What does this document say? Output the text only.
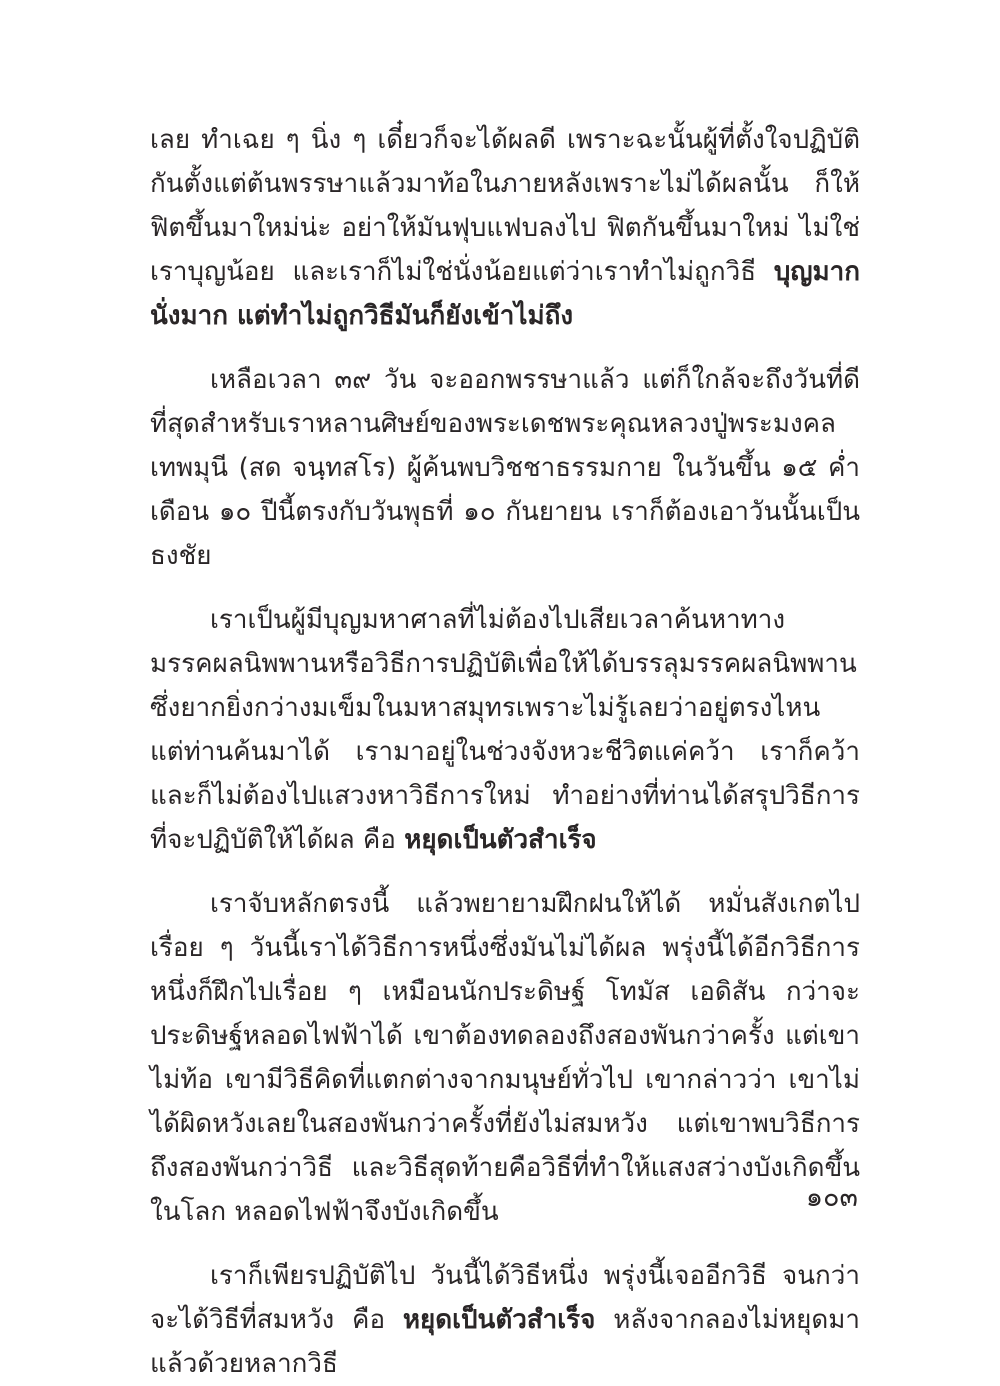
เลย ทำเฉย ๆ นิ่ง ๆ เดี๋ยวก็จะได้ผลดี เพราะฉะนั้นผู้ที่ตั้งใจปฏิบัติกันตั้งแต่ต้นพรรษาแล้วมาท้อในภายหลังเพราะไม่ได้ผลนั้น ก็ให้ฟิตขึ้นมาใหม่น่ะ อย่าให้มันฟุบแฟบลงไป ฟิตกันขึ้นมาใหม่ ไม่ใช่เราบุญน้อย และเราก็ไม่ใช่นั่งน้อยแต่ว่าเราทำไม่ถูกวิธี บุญมากนั่งมาก แต่ทำไม่ถูกวิธีมันก็ยังเข้าไม่ถึง

เหลือเวลา ๓๙ วัน จะออกพรรษาแล้ว แต่ก็ใกล้จะถึงวันที่ดีที่สุดสำหรับเราหลานศิษย์ของพระเดชพระคุณหลวงปู่พระมงคลเทพมุนี (สด จนฺทสโร) ผู้ค้นพบวิชชาธรรมกาย ในวันขึ้น ๑๕ ค่ำ เดือน ๑๐ ปีนี้ตรงกับวันพุธที่ ๑๐ กันยายน เราก็ต้องเอาวันนั้นเป็นธงชัย

เราเป็นผู้มีบุญมหาศาลที่ไม่ต้องไปเสียเวลาค้นหาทางมรรคผลนิพพานหรือวิธีการปฏิบัติเพื่อให้ได้บรรลุมรรคผลนิพพาน ซึ่งยากยิ่งกว่างมเข็มในมหาสมุทรเพราะไม่รู้เลยว่าอยู่ตรงไหน แต่ท่านค้นมาได้ เรามาอยู่ในช่วงจังหวะชีวิตแค่คว้า เราก็คว้าและก็ไม่ต้องไปแสวงหาวิธีการใหม่ ทำอย่างที่ท่านได้สรุปวิธีการที่จะปฏิบัติให้ได้ผล คือ หยุดเป็นตัวสำเร็จ

เราจับหลักตรงนี้ แล้วพยายามฝึกฝนให้ได้ หมั่นสังเกตไปเรื่อย ๆ วันนี้เราได้วิธีการหนึ่งซึ่งมันไม่ได้ผล พรุ่งนี้ได้อีกวิธีการหนึ่งก็ฝึกไปเรื่อย ๆ เหมือนนักประดิษฐ์ โทมัส เอดิสัน กว่าจะประดิษฐ์หลอดไฟฟ้าได้ เขาต้องทดลองถึงสองพันกว่าครั้ง แต่เขาไม่ท้อ เขามีวิธีคิดที่แตกต่างจากมนุษย์ทั่วไป เขากล่าวว่า เขาไม่ได้ผิดหวังเลยในสองพันกว่าครั้งที่ยังไม่สมหวัง แต่เขาพบวิธีการถึงสองพันกว่าวิธี และวิธีสุดท้ายคือวิธีที่ทำให้แสงสว่างบังเกิดขึ้นในโลก หลอดไฟฟ้าจึงบังเกิดขึ้น

เราก็เพียรปฏิบัติไป วันนี้ได้วิธีหนึ่ง พรุ่งนี้เจออีกวิธี จนกว่าจะได้วิธีที่สมหวัง คือ หยุดเป็นตัวสำเร็จ หลังจากลองไม่หยุดมาแล้วด้วยหลากวิธี

๑๐๓
